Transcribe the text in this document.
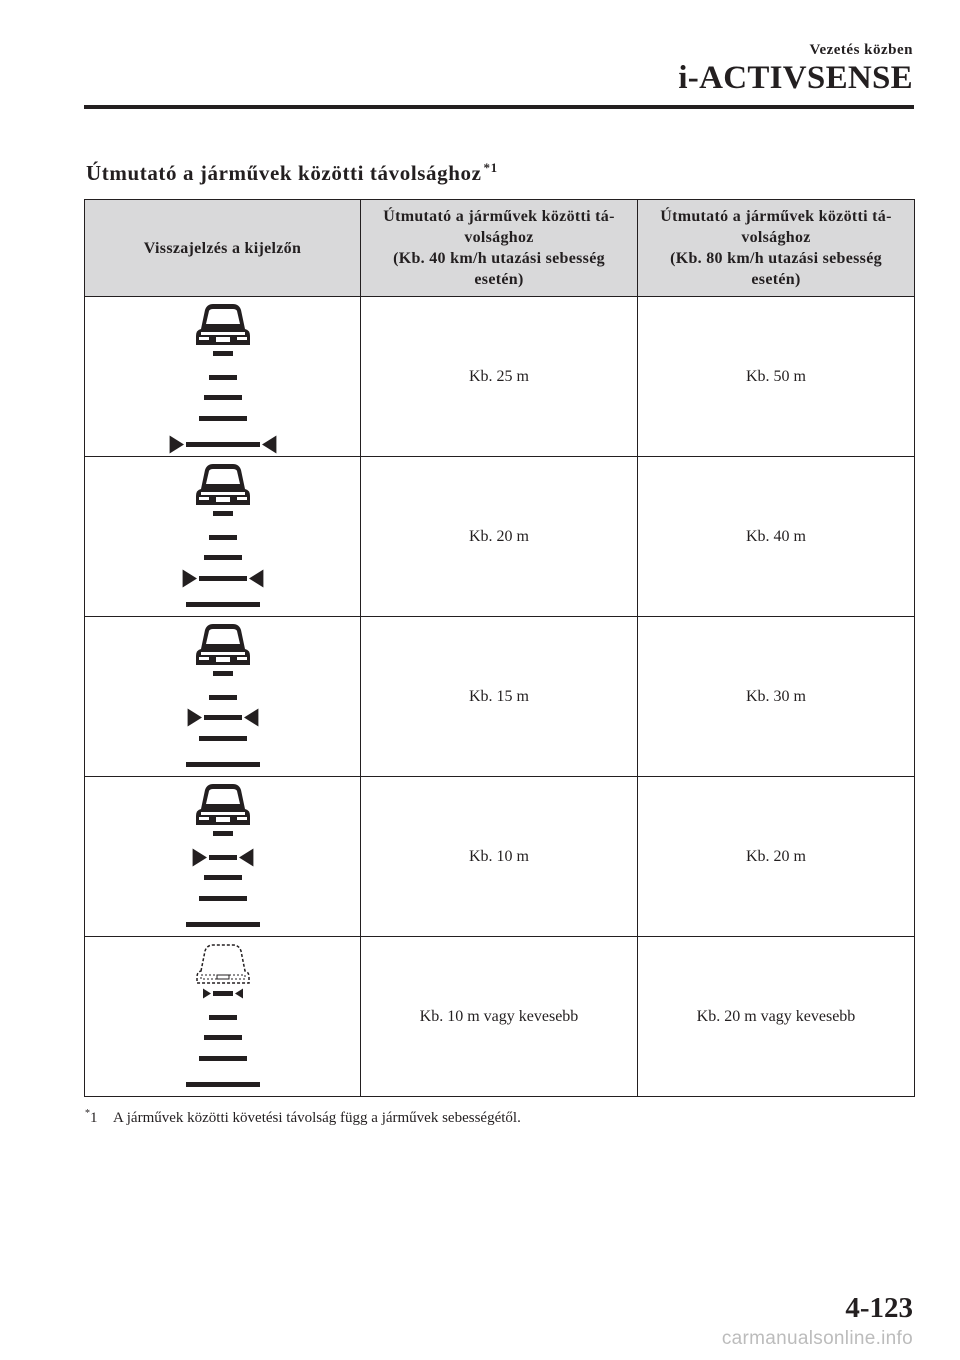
Vezetés közben
i-ACTIVSENSE
Útmutató a járművek közötti távolsághoz $^{*1}$
Visszajelzés a kijelzőn	Útmutató a járművek közötti tá-
volsághoz
(Kb. 40 km/h utazási sebesség
esetén)	Útmutató a járművek közötti tá-
volsághoz
(Kb. 80 km/h utazási sebesség
esetén)

	Kb. 25 m	Kb. 50 m

	Kb. 20 m	Kb. 40 m

	Kb. 15 m	Kb. 30 m

	Kb. 10 m	Kb. 20 m

	Kb. 10 m vagy kevesebb	Kb. 20 m vagy kevesebb
*1 A járművek közötti követési távolság függ a járművek sebességétől.
4-123
carmanualsonline.info
